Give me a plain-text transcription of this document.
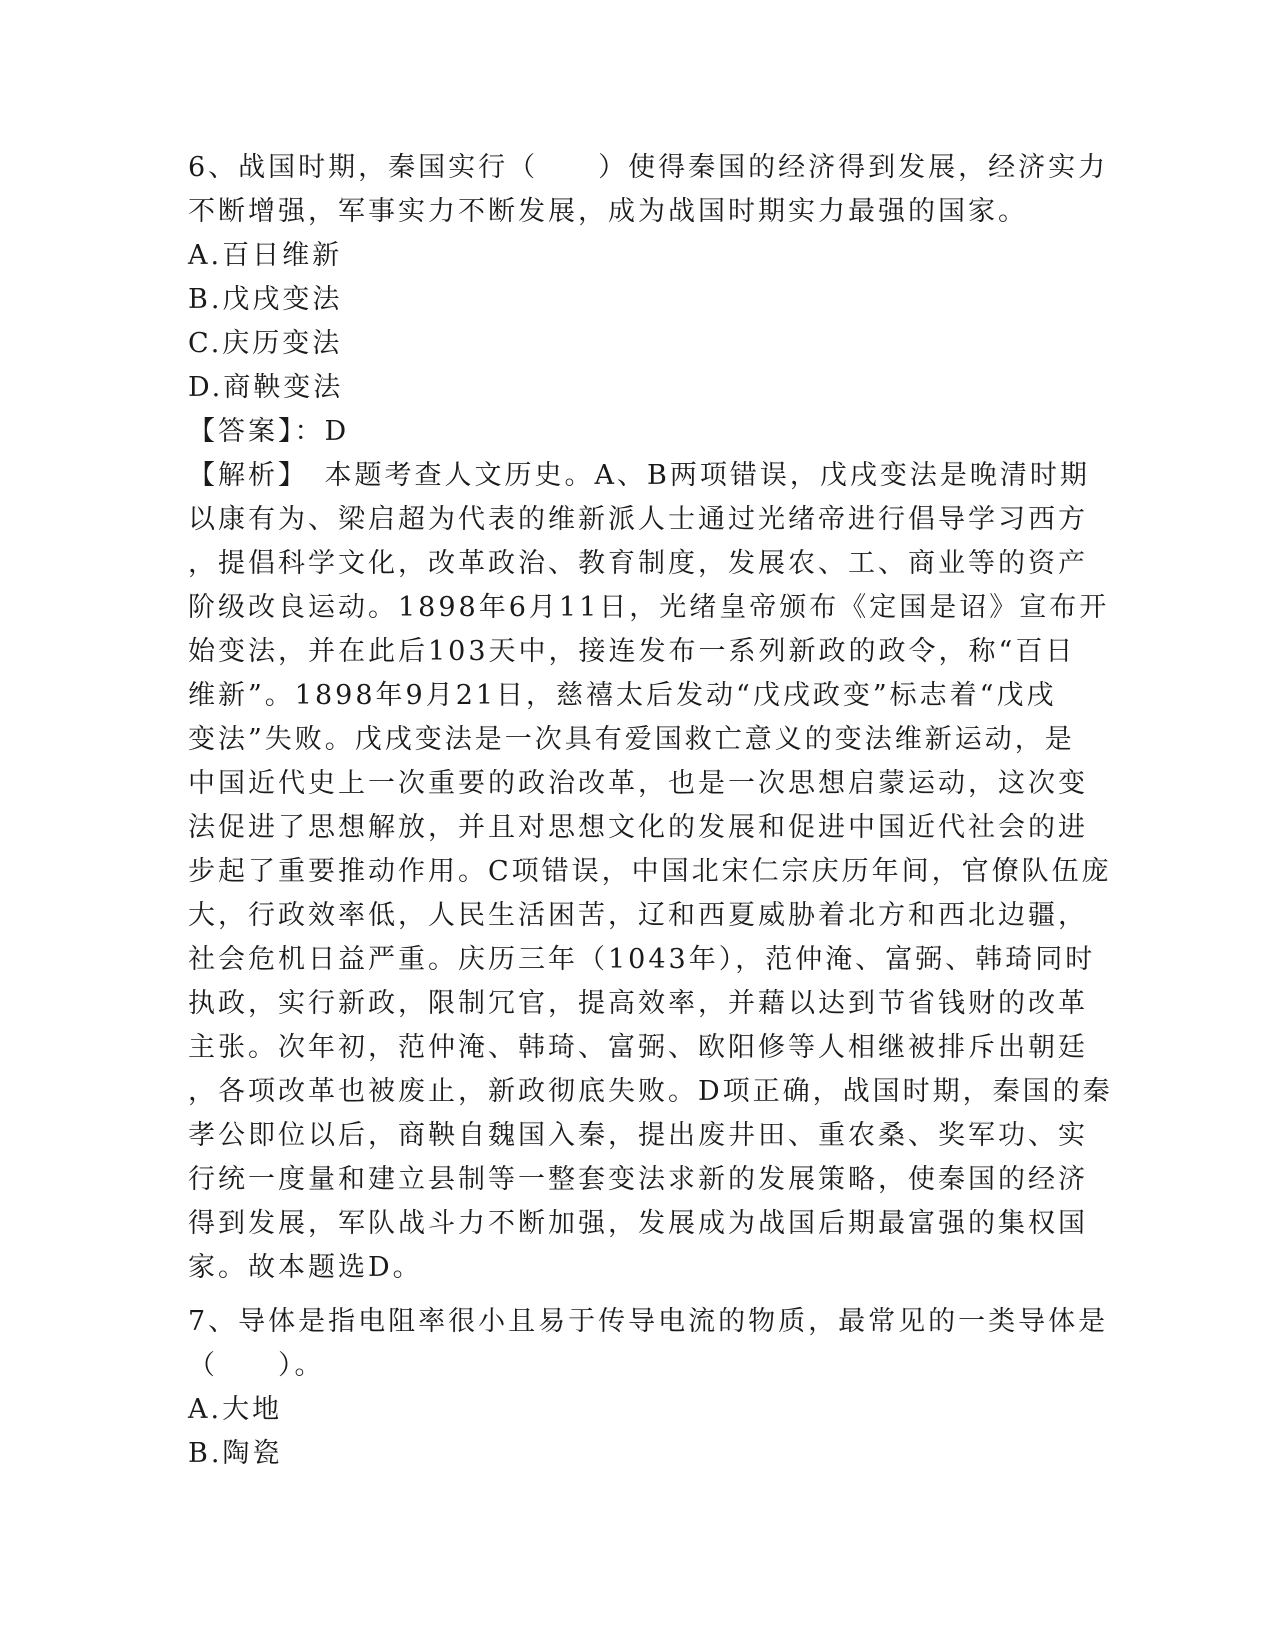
6、战国时期，秦国实行（　　）使得秦国的经济得到发展，经济实力
不断增强，军事实力不断发展，成为战国时期实力最强的国家。
A.百日维新
B.戊戌变法
C.庆历变法
D.商鞅变法
【答案】：D
【解析】　本题考查人文历史。A、B两项错误，戊戌变法是晚清时期
以康有为、梁启超为代表的维新派人士通过光绪帝进行倡导学习西方
，提倡科学文化，改革政治、教育制度，发展农、工、商业等的资产
阶级改良运动。1898年6月11日，光绪皇帝颁布《定国是诏》宣布开
始变法，并在此后103天中，接连发布一系列新政的政令，称“百日
维新”。1898年9月21日，慈禧太后发动“戊戌政变”标志着“戊戌
变法”失败。戊戌变法是一次具有爱国救亡意义的变法维新运动，是
中国近代史上一次重要的政治改革，也是一次思想启蒙运动，这次变
法促进了思想解放，并且对思想文化的发展和促进中国近代社会的进
步起了重要推动作用。C项错误，中国北宋仁宗庆历年间，官僚队伍庞
大，行政效率低，人民生活困苦，辽和西夏威胁着北方和西北边疆，
社会危机日益严重。庆历三年（1043年），范仲淹、富弼、韩琦同时
执政，实行新政，限制冗官，提高效率，并藉以达到节省钱财的改革
主张。次年初，范仲淹、韩琦、富弼、欧阳修等人相继被排斥出朝廷
，各项改革也被废止，新政彻底失败。D项正确，战国时期，秦国的秦
孝公即位以后，商鞅自魏国入秦，提出废井田、重农桑、奖军功、实
行统一度量和建立县制等一整套变法求新的发展策略，使秦国的经济
得到发展，军队战斗力不断加强，发展成为战国后期最富强的集权国
家。故本题选D。
7、导体是指电阻率很小且易于传导电流的物质，最常见的一类导体是
（　　）。
A.大地
B.陶瓷
